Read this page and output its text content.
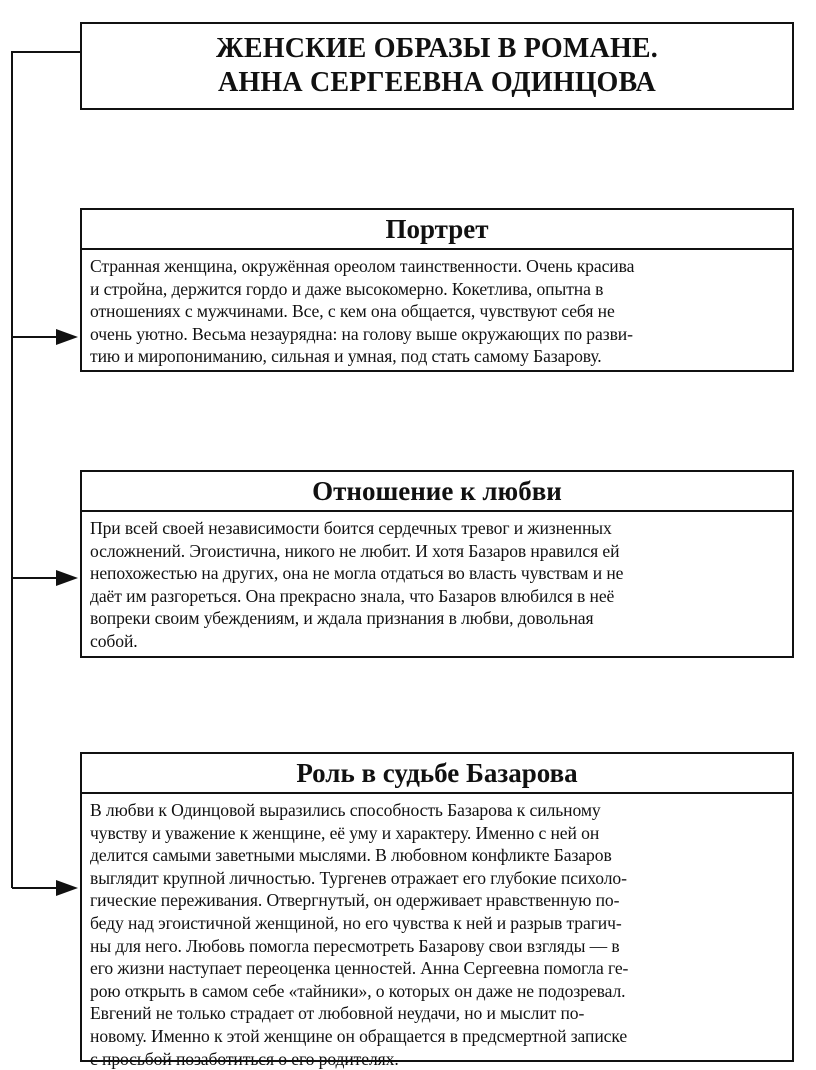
ЖЕНСКИЕ ОБРАЗЫ В РОМАНЕ.
АННА СЕРГЕЕВНА ОДИНЦОВА
Портрет
Странная женщина, окружённая ореолом таинственности. Очень красива
и стройна, держится гордо и даже высокомерно. Кокетлива, опытна в
отношениях с мужчинами. Все, с кем она общается, чувствуют себя не
очень уютно. Весьма незаурядна: на голову выше окружающих по разви-
тию и миропониманию, сильная и умная, под стать самому Базарову.
Отношение к любви
При всей своей независимости боится сердечных тревог и жизненных
осложнений. Эгоистична, никого не любит. И хотя Базаров нравился ей
непохожестью на других, она не могла отдаться во власть чувствам и не
даёт им разгореться. Она прекрасно знала, что Базаров влюбился в неё
вопреки своим убеждениям, и ждала признания в любви, довольная
собой.
Роль в судьбе Базарова
В любви к Одинцовой выразились способность Базарова к сильному
чувству и уважение к женщине, её уму и характеру. Именно с ней он
делится самыми заветными мыслями. В любовном конфликте Базаров
выглядит крупной личностью. Тургенев отражает его глубокие психоло-
гические переживания. Отвергнутый, он одерживает нравственную по-
беду над эгоистичной женщиной, но его чувства к ней и разрыв трагич-
ны для него. Любовь помогла пересмотреть Базарову свои взгляды — в
его жизни наступает переоценка ценностей. Анна Сергеевна помогла ге-
рою открыть в самом себе «тайники», о которых он даже не подозревал.
Евгений не только страдает от любовной неудачи, но и мыслит по-
новому. Именно к этой женщине он обращается в предсмертной записке
с просьбой позаботиться о его родителях.
